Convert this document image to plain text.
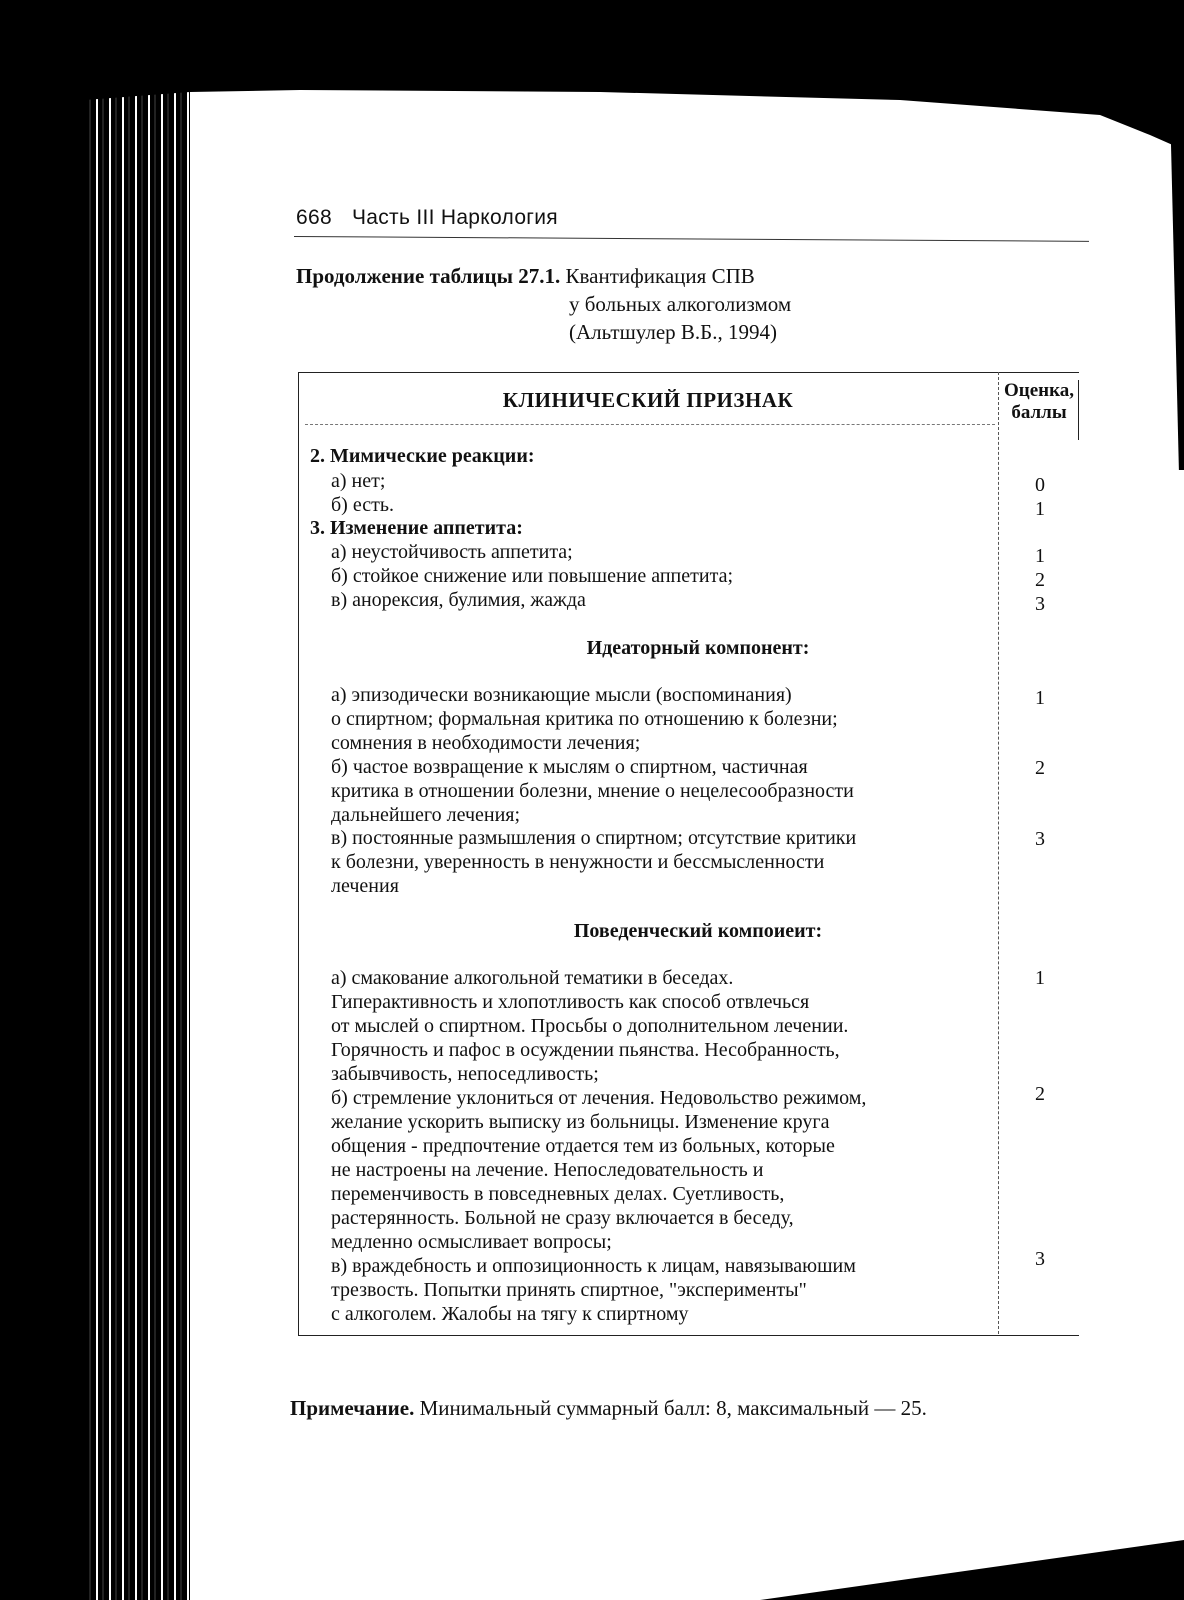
668 Часть III Наркология
Продолжение таблицы 27.1. Квантификация СПВ
у больных алкоголизмом
(Альтшулер В.Б., 1994)
КЛИНИЧЕСКИЙ ПРИЗНАК	Оценка,
баллы
2. Мимические реакции:
а) нет;	0
б) есть.	1
3. Изменение аппетита:
а) неустойчивость аппетита;	1
б) стойкое снижение или повышение аппетита;	2
в) анорексия, булимия, жажда	3
Идеаторный компонент:
а) эпизодически возникающие мысли (воспоминания)	1
о спиртном; формальная критика по отношению к болезни;
сомнения в необходимости лечения;
б) частое возвращение к мыслям о спиртном, частичная	2
критика в отношении болезни, мнение о нецелесообразности
дальнейшего лечения;
в) постоянные размышления о спиртном; отсутствие критики	3
к болезни, уверенность в ненужности и бессмысленности
лечения
Поведенческий компоиеит:
а) смакование алкогольной тематики в беседах.	1
Гиперактивность и хлопотливость как способ отвлечься
от мыслей о спиртном. Просьбы о дополнительном лечении.
Горячность и пафос в осуждении пьянства. Несобранность,
забывчивость, непоседливость;
б) стремление уклониться от лечения. Недовольство режимом,	2
желание ускорить выписку из больницы. Изменение круга
общения - предпочтение отдается тем из больных, которые
не настроены на лечение. Непоследовательность и
переменчивость в повседневных делах. Суетливость,
растерянность. Больной не сразу включается в беседу,
медленно осмысливает вопросы;
в) враждебность и оппозиционность к лицам, навязываюшим	3
трезвость. Попытки принять спиртное, "эксперименты"
с алкоголем. Жалобы на тягу к спиртному
Примечание. Минимальный суммарный балл: 8, максимальный — 25.
